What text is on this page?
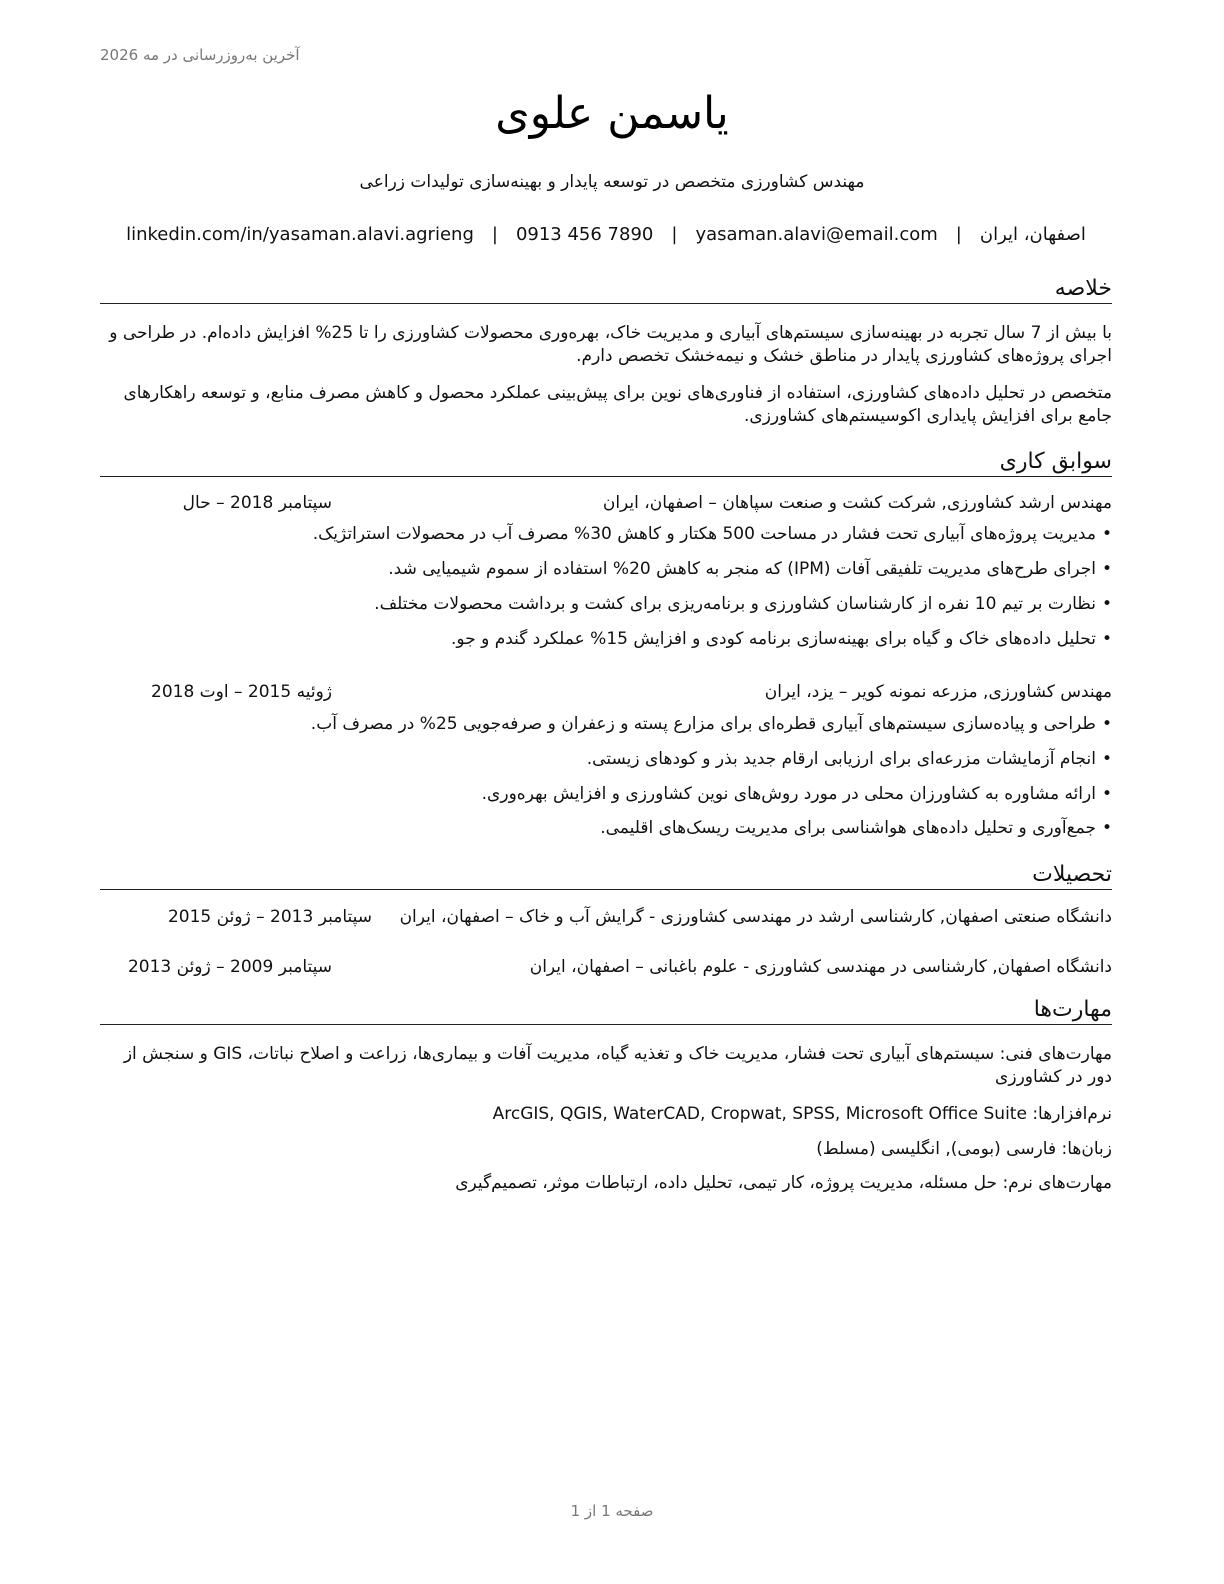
آخرین به‌روزرسانی در مه 2026
یاسمن علوی
مهندس کشاورزی متخصص در توسعه پایدار و بهینه‌سازی تولیدات زراعی
اصفهان، ایران
|
yasaman.alavi@email.com
|
0913 456 7890
|
linkedin.com/in/yasaman.alavi.agrieng
خلاصه
با بیش از 7 سال تجربه در بهینه‌سازی سیستم‌های آبیاری و مدیریت خاک، بهره‌وری محصولات کشاورزی را تا 25% افزایش داده‌ام. در طراحی و اجرای پروژه‌های کشاورزی پایدار در مناطق خشک و نیمه‌خشک تخصص دارم.
متخصص در تحلیل داده‌های کشاورزی، استفاده از فناوری‌های نوین برای پیش‌بینی عملکرد محصول و کاهش مصرف منابع، و توسعه راهکارهای جامع برای افزایش پایداری اکوسیستم‌های کشاورزی.
سوابق کاری
مهندس ارشد کشاورزی, شرکت کشت و صنعت سپاهان – اصفهان، ایران
سپتامبر 2018 – حال
•مدیریت پروژه‌های آبیاری تحت فشار در مساحت 500 هکتار و کاهش 30% مصرف آب در محصولات استراتژیک.
•اجرای طرح‌های مدیریت تلفیقی آفات (IPM) که منجر به کاهش 20% استفاده از سموم شیمیایی شد.
•نظارت بر تیم 10 نفره از کارشناسان کشاورزی و برنامه‌ریزی برای کشت و برداشت محصولات مختلف.
•تحلیل داده‌های خاک و گیاه برای بهینه‌سازی برنامه کودی و افزایش 15% عملکرد گندم و جو.
مهندس کشاورزی, مزرعه نمونه کویر – یزد، ایران
ژوئیه 2015 – اوت 2018
•طراحی و پیاده‌سازی سیستم‌های آبیاری قطره‌ای برای مزارع پسته و زعفران و صرفه‌جویی 25% در مصرف آب.
•انجام آزمایشات مزرعه‌ای برای ارزیابی ارقام جدید بذر و کودهای زیستی.
•ارائه مشاوره به کشاورزان محلی در مورد روش‌های نوین کشاورزی و افزایش بهره‌وری.
•جمع‌آوری و تحلیل داده‌های هواشناسی برای مدیریت ریسک‌های اقلیمی.
تحصیلات
دانشگاه صنعتی اصفهان, کارشناسی ارشد در مهندسی کشاورزی - گرایش آب و خاک – اصفهان، ایران
سپتامبر 2013 – ژوئن 2015
دانشگاه اصفهان, کارشناسی در مهندسی کشاورزی - علوم باغبانی – اصفهان، ایران
سپتامبر 2009 – ژوئن 2013
مهارت‌ها
مهارت‌های فنی: سیستم‌های آبیاری تحت فشار، مدیریت خاک و تغذیه گیاه، مدیریت آفات و بیماری‌ها، زراعت و اصلاح نباتات، GIS و سنجش از دور در کشاورزی
نرم‌افزارها: ArcGIS, QGIS, WaterCAD, Cropwat, SPSS, Microsoft Office Suite
زبان‌ها: فارسی (بومی), انگلیسی (مسلط)
مهارت‌های نرم: حل مسئله، مدیریت پروژه، کار تیمی، تحلیل داده، ارتباطات موثر، تصمیم‌گیری
صفحه 1 از 1
